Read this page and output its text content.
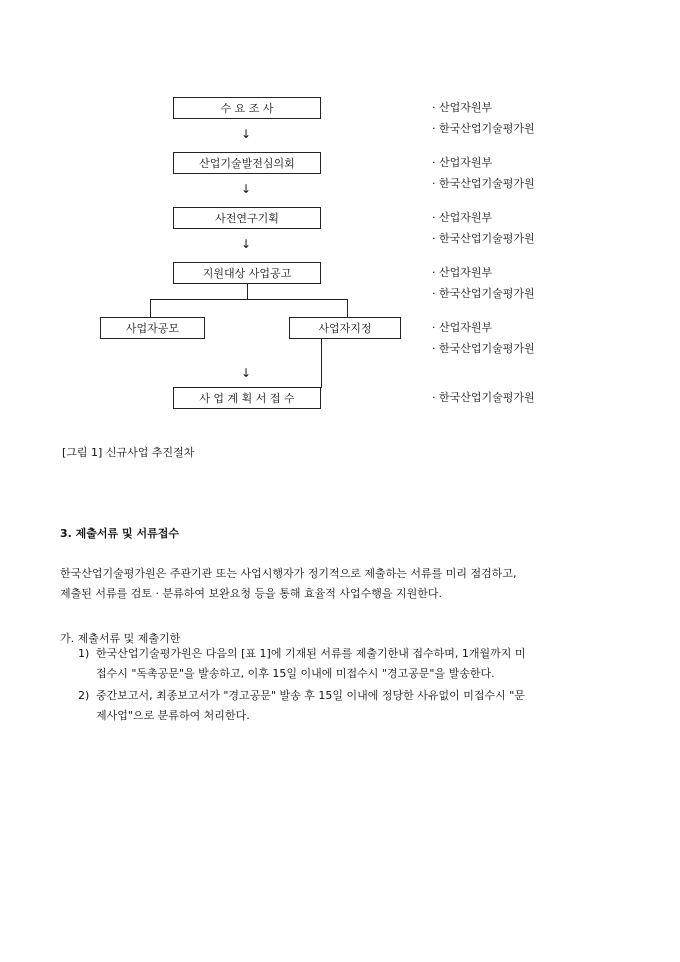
수 요 조 사
↓
산업기술발전심의회
↓
사전연구기획
↓
지원대상 사업공고
사업자공모	사업자지정
↓
사 업 계 획 서 접 수
· 산업자원부
· 한국산업기술평가원
· 산업자원부
· 한국산업기술평가원
· 산업자원부
· 한국산업기술평가원
· 산업자원부
· 한국산업기술평가원
· 산업자원부
· 한국산업기술평가원
· 한국산업기술평가원
[그림 1] 신규사업 추진절차
3. 제출서류 및 서류접수
한국산업기술평가원은 주관기관 또는 사업시행자가 정기적으로 제출하는 서류를 미리 점검하고,
제출된 서류를 검토 · 분류하여 보완요청 등을 통해 효율적 사업수행을 지원한다.
가. 제출서류 및 제출기한
1) 한국산업기술평가원은 다음의 [표 1]에 기재된 서류를 제출기한내 접수하며, 1개월까지 미
접수시 "독촉공문"을 발송하고, 이후 15일 이내에 미접수시 "경고공문"을 발송한다.
2) 중간보고서, 최종보고서가 "경고공문" 발송 후 15일 이내에 정당한 사유없이 미접수시 "문
제사업"으로 분류하여 처리한다.
